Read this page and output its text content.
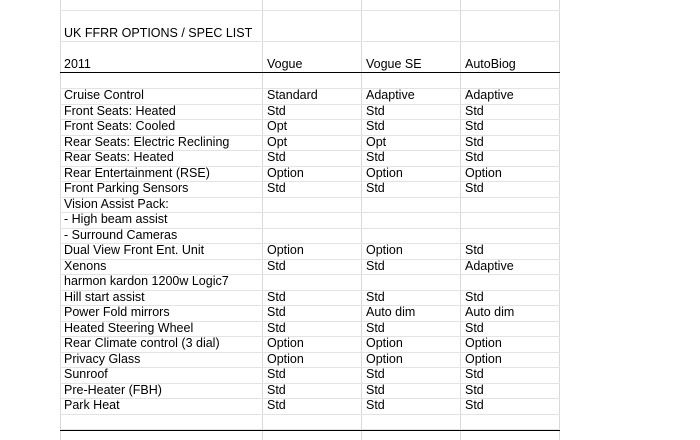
UK FFRR OPTIONS / SPEC LIST
2011	Vogue	Vogue SE	AutoBiog
Cruise Control	Standard	Adaptive	Adaptive
Front Seats: Heated	Std	Std	Std
Front Seats: Cooled	Opt	Std	Std
Rear Seats: Electric Reclining	Opt	Opt	Std
Rear Seats: Heated	Std	Std	Std
Rear Entertainment (RSE)	Option	Option	Option
Front Parking Sensors	Std	Std	Std
Vision Assist Pack:
- High beam assist
- Surround Cameras
Dual View Front Ent. Unit	Option	Option	Std
Xenons	Std	Std	Adaptive
harmon kardon 1200w Logic7
Hill start assist	Std	Std	Std
Power Fold mirrors	Std	Auto dim	Auto dim
Heated Steering Wheel	Std	Std	Std
Rear Climate control (3 dial)	Option	Option	Option
Privacy Glass	Option	Option	Option
Sunroof	Std	Std	Std
Pre-Heater (FBH)	Std	Std	Std
Park Heat	Std	Std	Std
